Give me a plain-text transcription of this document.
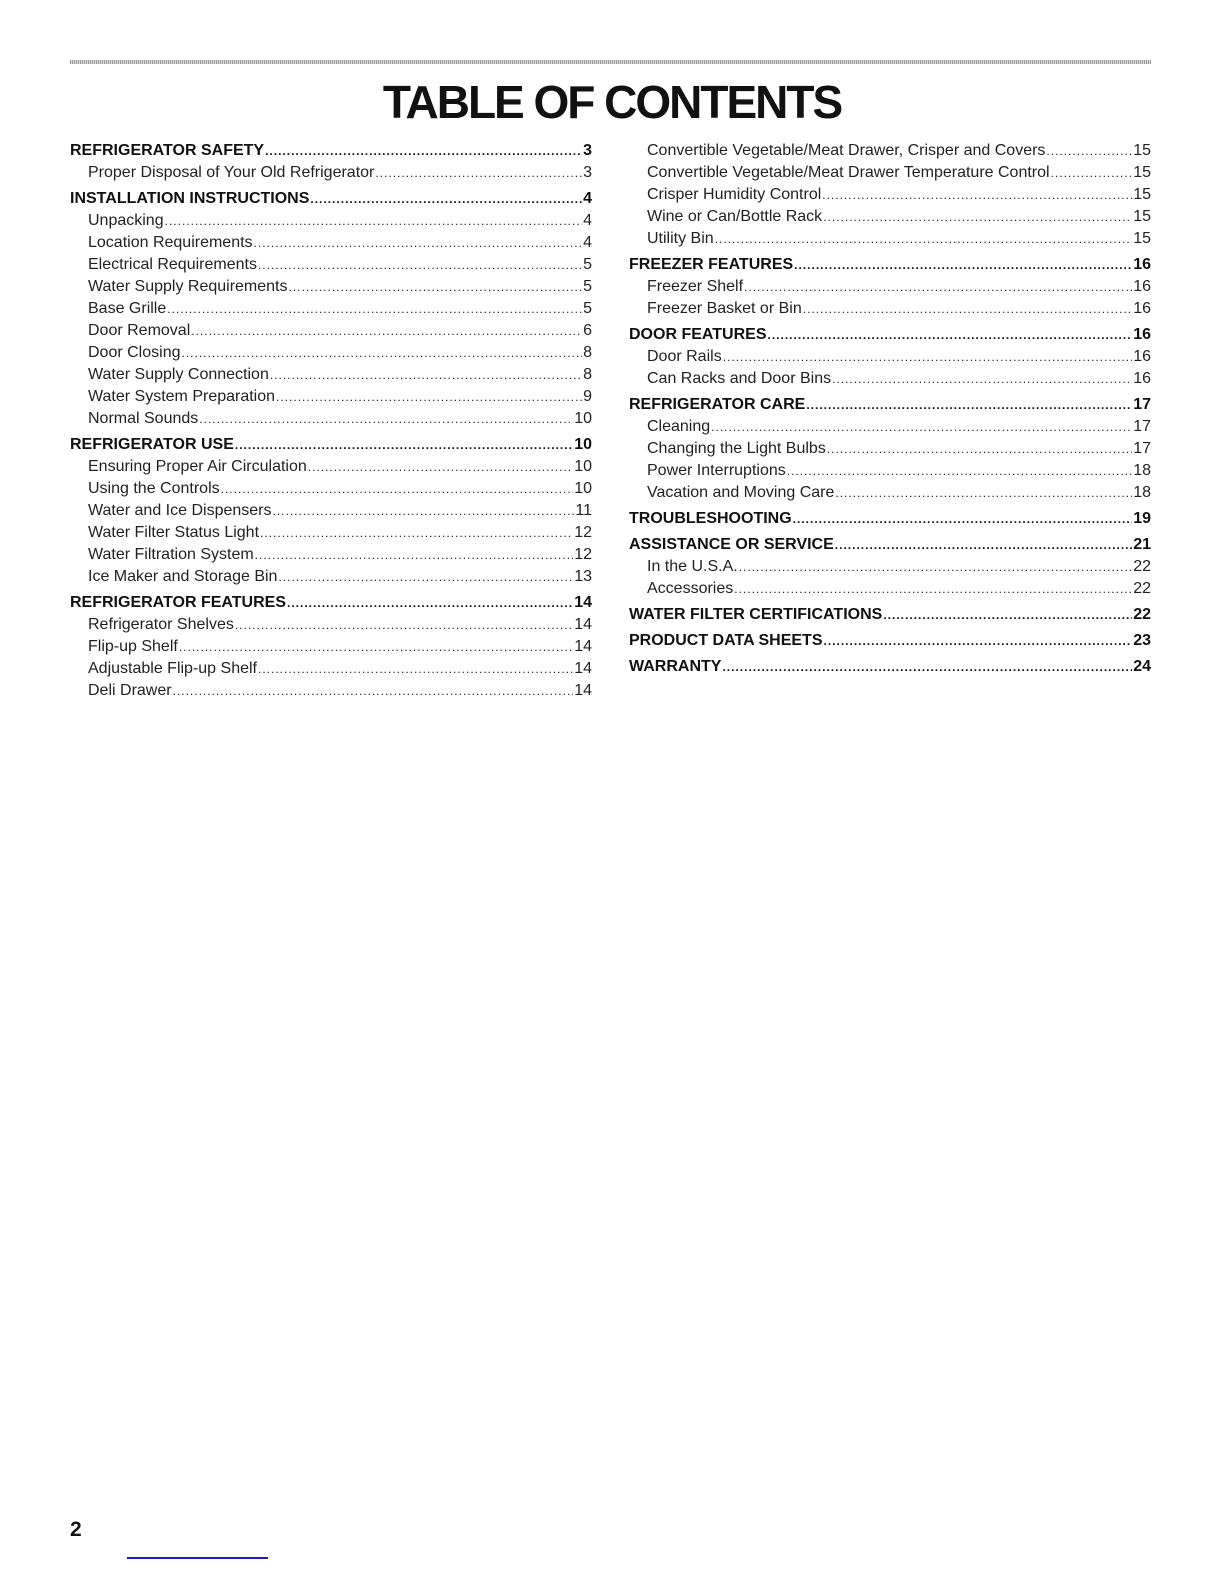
TABLE OF CONTENTS
REFRIGERATOR SAFETY .....	3
Proper Disposal of Your Old Refrigerator .....	3
INSTALLATION INSTRUCTIONS .....	4
Unpacking .....	4
Location Requirements .....	4
Electrical Requirements .....	5
Water Supply Requirements .....	5
Base Grille .....	5
Door Removal .....	6
Door Closing .....	8
Water Supply Connection .....	8
Water System Preparation .....	9
Normal Sounds .....	10
REFRIGERATOR USE .....	10
Ensuring Proper Air Circulation .....	10
Using the Controls .....	10
Water and Ice Dispensers .....	11
Water Filter Status Light .....	12
Water Filtration System .....	12
Ice Maker and Storage Bin .....	13
REFRIGERATOR FEATURES .....	14
Refrigerator Shelves .....	14
Flip-up Shelf .....	14
Adjustable Flip-up Shelf .....	14
Deli Drawer .....	14
Convertible Vegetable/Meat Drawer, Crisper and Covers .....	15
Convertible Vegetable/Meat Drawer Temperature Control .....	15
Crisper Humidity Control .....	15
Wine or Can/Bottle Rack .....	15
Utility Bin .....	15
FREEZER FEATURES .....	16
Freezer Shelf .....	16
Freezer Basket or Bin .....	16
DOOR FEATURES .....	16
Door Rails .....	16
Can Racks and Door Bins .....	16
REFRIGERATOR CARE .....	17
Cleaning .....	17
Changing the Light Bulbs .....	17
Power Interruptions .....	18
Vacation and Moving Care .....	18
TROUBLESHOOTING .....	19
ASSISTANCE OR SERVICE .....	21
In the U.S.A. .....	22
Accessories .....	22
WATER FILTER CERTIFICATIONS .....	22
PRODUCT DATA SHEETS .....	23
WARRANTY .....	24
2
